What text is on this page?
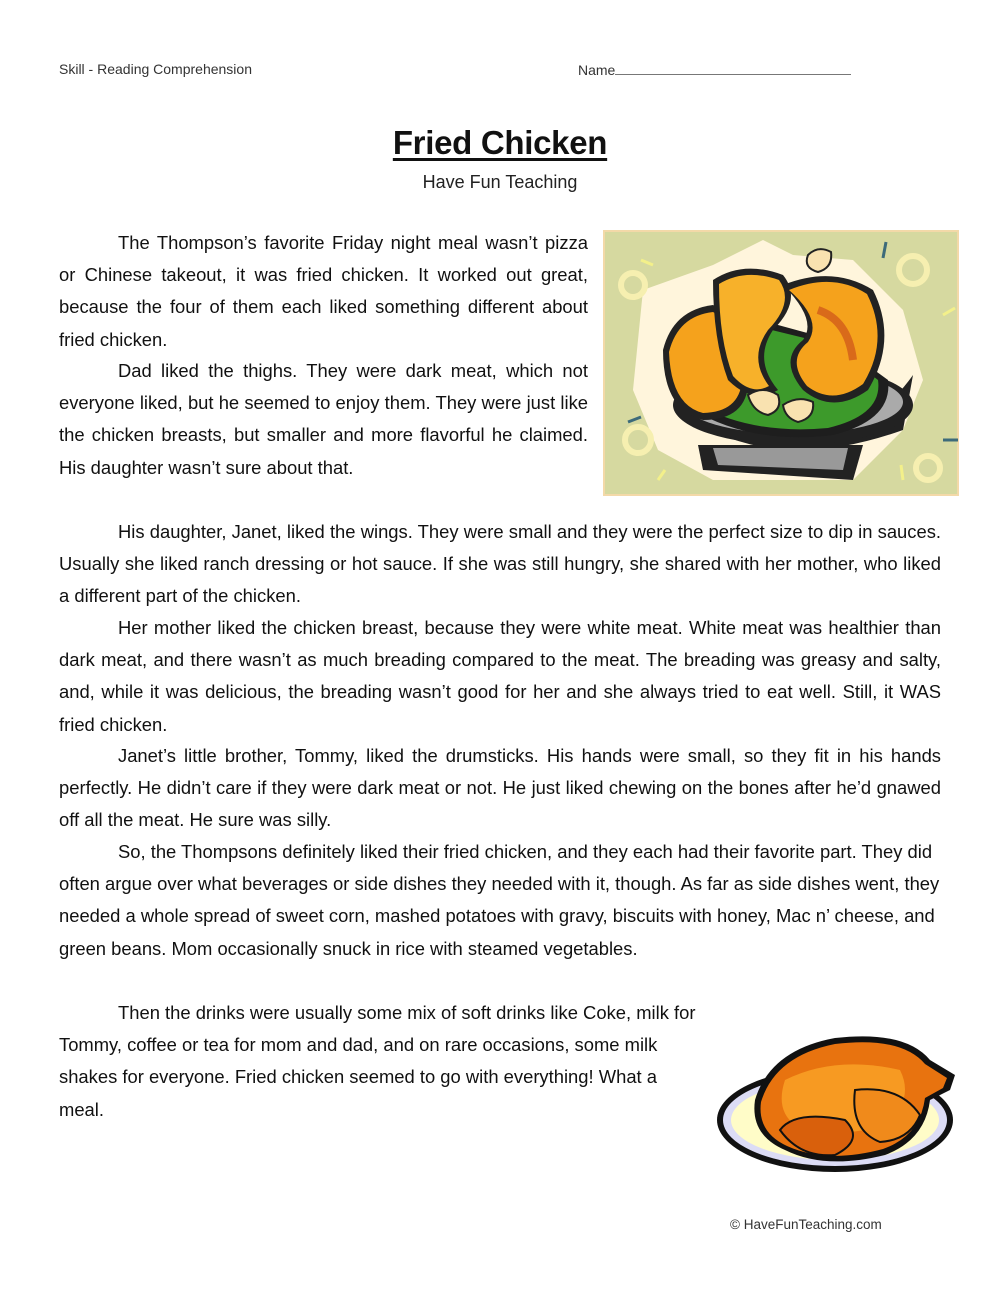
Skill - Reading Comprehension	Name
Fried Chicken
Have Fun Teaching

The Thompson’s favorite Friday night meal wasn’t pizza or Chinese takeout, it was fried chicken. It worked out great, because the four of them each liked something different about fried chicken.

Dad liked the thighs. They were dark meat, which not everyone liked, but he seemed to enjoy them. They were just like the chicken breasts, but smaller and more flavorful he claimed. His daughter wasn’t sure about that.

His daughter, Janet, liked the wings. They were small and they were the perfect size to dip in sauces. Usually she liked ranch dressing or hot sauce. If she was still hungry, she shared with her mother, who liked a different part of the chicken.

Her mother liked the chicken breast, because they were white meat. White meat was healthier than dark meat, and there wasn’t as much breading compared to the meat. The breading was greasy and salty, and, while it was delicious, the breading wasn’t good for her and she always tried to eat well. Still, it WAS fried chicken.

Janet’s little brother, Tommy, liked the drumsticks. His hands were small, so they fit in his hands perfectly. He didn’t care if they were dark meat or not. He just liked chewing on the bones after he’d gnawed off all the meat. He sure was silly.

So, the Thompsons definitely liked their fried chicken, and they each had their favorite part. They did often argue over what beverages or side dishes they needed with it, though. As far as side dishes went, they needed a whole spread of sweet corn, mashed potatoes with gravy, biscuits with honey, Mac n’ cheese, and green beans. Mom occasionally snuck in rice with steamed vegetables.

Then the drinks were usually some mix of soft drinks like Coke, milk for Tommy, coffee or tea for mom and dad, and on rare occasions, some milk shakes for everyone. Fried chicken seemed to go with everything! What a meal.

© HaveFunTeaching.com
